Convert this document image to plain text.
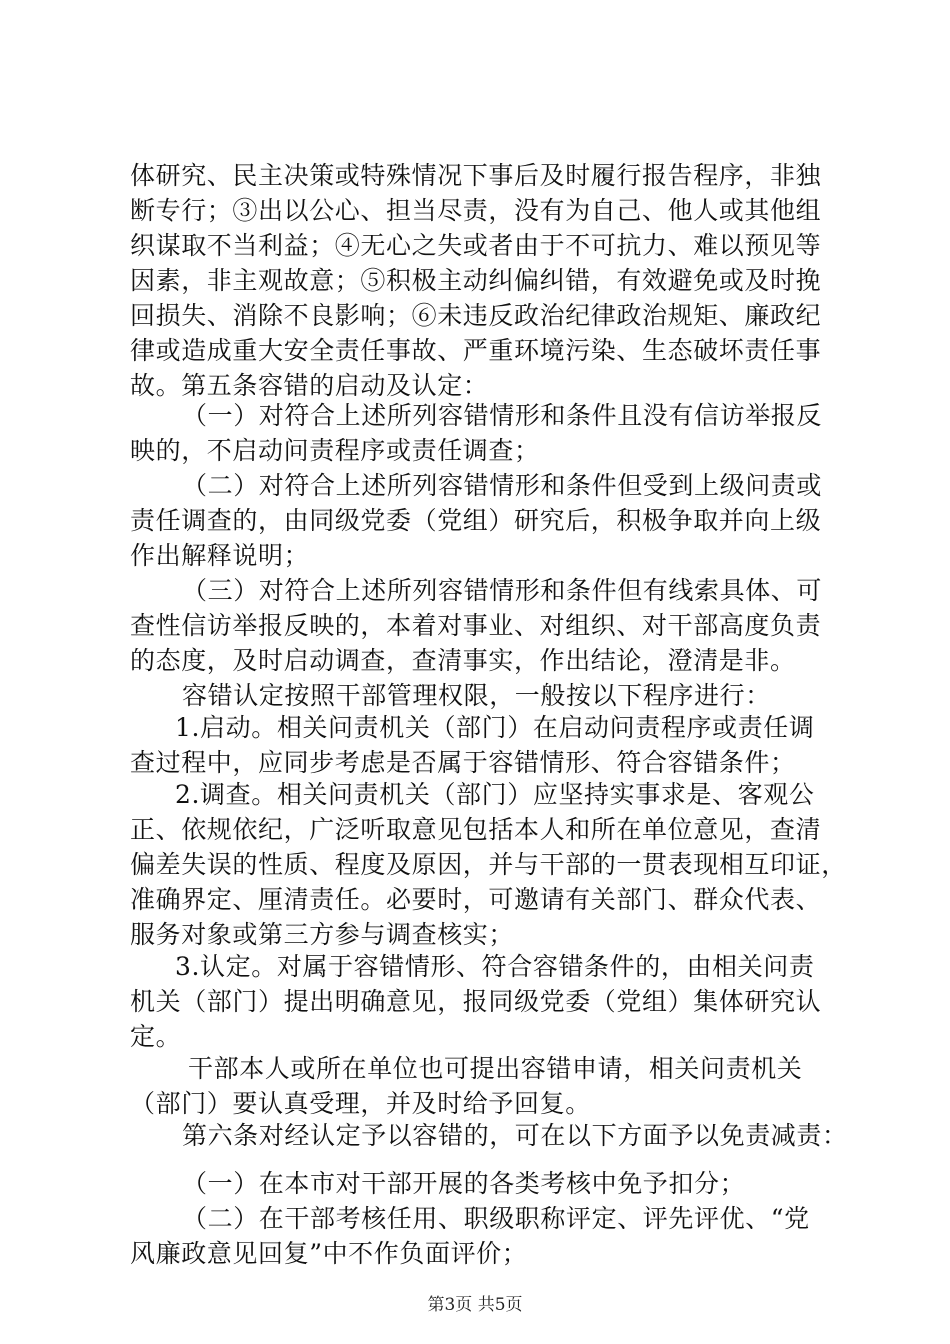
体研究、民主决策或特殊情况下事后及时履行报告程序，非独
断专行；③出以公心、担当尽责，没有为自己、他人或其他组
织谋取不当利益；④无心之失或者由于不可抗力、难以预见等
因素，非主观故意；⑤积极主动纠偏纠错，有效避免或及时挽
回损失、消除不良影响；⑥未违反政治纪律政治规矩、廉政纪
律或造成重大安全责任事故、严重环境污染、生态破坏责任事
故。第五条容错的启动及认定：
（一）对符合上述所列容错情形和条件且没有信访举报反
映的，不启动问责程序或责任调查；
（二）对符合上述所列容错情形和条件但受到上级问责或
责任调查的，由同级党委（党组）研究后，积极争取并向上级
作出解释说明；
（三）对符合上述所列容错情形和条件但有线索具体、可
查性信访举报反映的，本着对事业、对组织、对干部高度负责
的态度，及时启动调查，查清事实，作出结论，澄清是非。
容错认定按照干部管理权限，一般按以下程序进行：
1.启动。相关问责机关（部门）在启动问责程序或责任调
查过程中，应同步考虑是否属于容错情形、符合容错条件；
2.调查。相关问责机关（部门）应坚持实事求是、客观公
正、依规依纪，广泛听取意见包括本人和所在单位意见，查清
偏差失误的性质、程度及原因，并与干部的一贯表现相互印证，
准确界定、厘清责任。必要时，可邀请有关部门、群众代表、
服务对象或第三方参与调查核实；
3.认定。对属于容错情形、符合容错条件的，由相关问责
机关（部门）提出明确意见，报同级党委（党组）集体研究认
定。
干部本人或所在单位也可提出容错申请，相关问责机关
（部门）要认真受理，并及时给予回复。
第六条对经认定予以容错的，可在以下方面予以免责减责：
（一）在本市对干部开展的各类考核中免予扣分；
（二）在干部考核任用、职级职称评定、评先评优、“党
风廉政意见回复”中不作负面评价；
第3页 共5页
